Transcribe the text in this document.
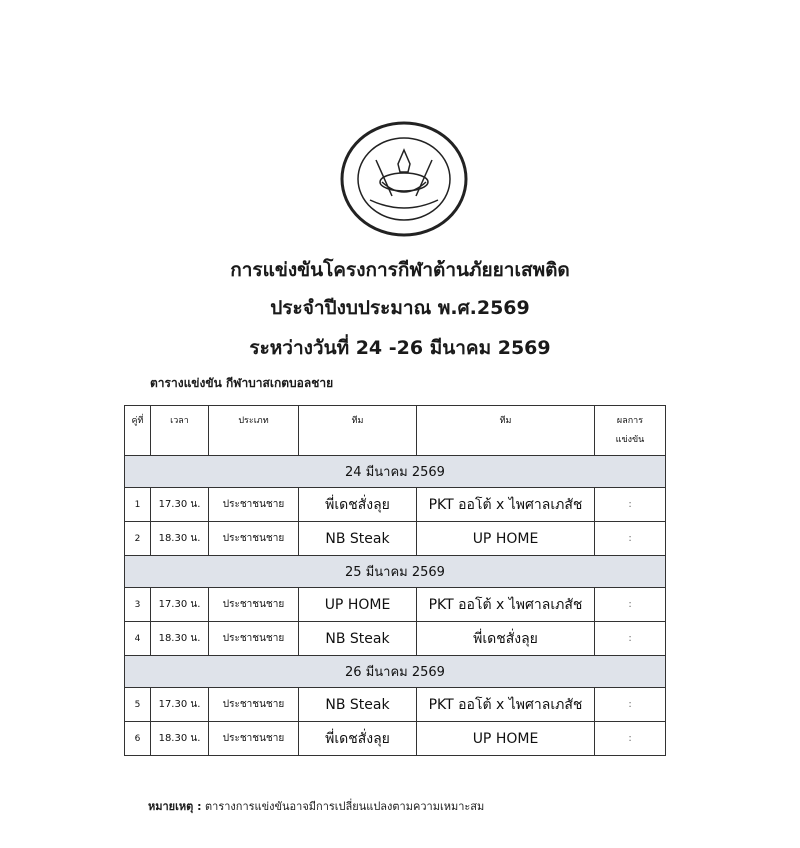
การแข่งขันโครงการกีฬาต้านภัยยาเสพติด
ประจำปีงบประมาณ พ.ศ.2569
ระหว่างวันที่ 24 -26 มีนาคม 2569
ตารางแข่งขัน กีฬาบาสเกตบอลชาย
คู่ที่	เวลา	ประเภท	ทีม	ทีม	ผลการ
แข่งขัน

24 มีนาคม 2569					
1	17.30 น.	ประชาชนชาย	พี่เดชสั่งลุย	PKT ออโต้ x ไพศาลเภสัช	:
2	18.30 น.	ประชาชนชาย	NB Steak	UP HOME	:
25 มีนาคม 2569					
3	17.30 น.	ประชาชนชาย	UP HOME	PKT ออโต้ x ไพศาลเภสัช	:
4	18.30 น.	ประชาชนชาย	NB Steak	พี่เดชสั่งลุย	:
26 มีนาคม 2569					
5	17.30 น.	ประชาชนชาย	NB Steak	PKT ออโต้ x ไพศาลเภสัช	:
6	18.30 น.	ประชาชนชาย	พี่เดชสั่งลุย	UP HOME	:
หมายเหตุ : ตารางการแข่งขันอาจมีการเปลี่ยนแปลงตามความเหมาะสม
